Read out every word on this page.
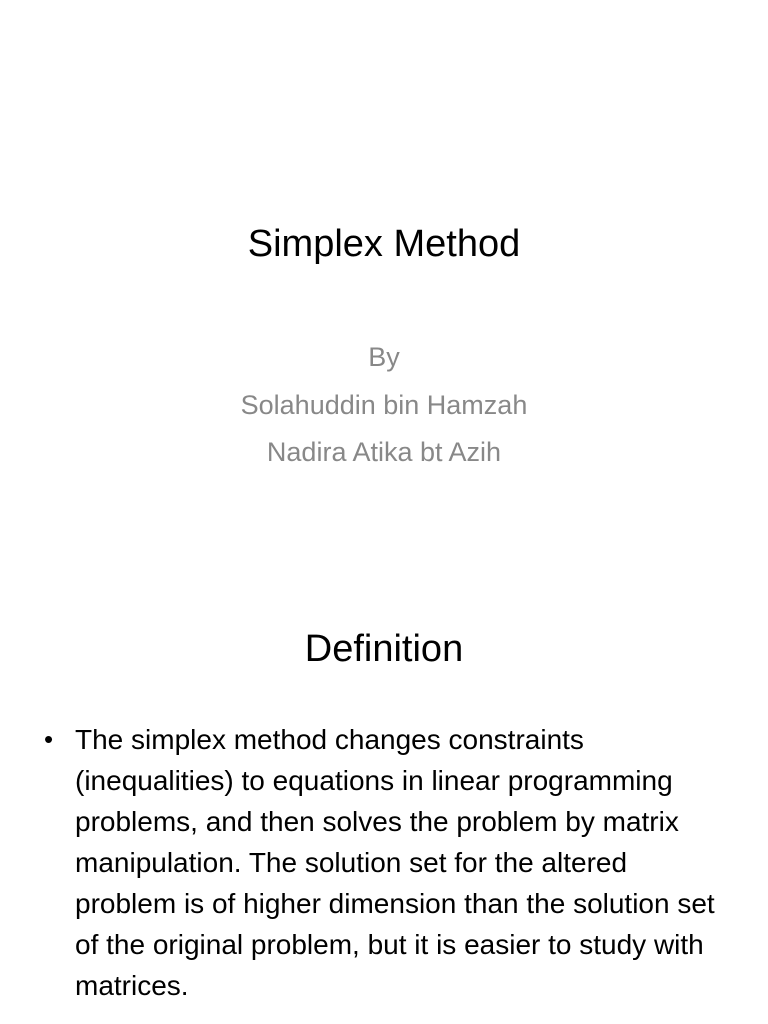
Simplex Method
By
Solahuddin bin Hamzah
Nadira Atika bt Azih
Definition
• The simplex method changes constraints (inequalities) to equations in linear programming problems, and then solves the problem by matrix manipulation. The solution set for the altered problem is of higher dimension than the solution set of the original problem, but it is easier to study with matrices.
